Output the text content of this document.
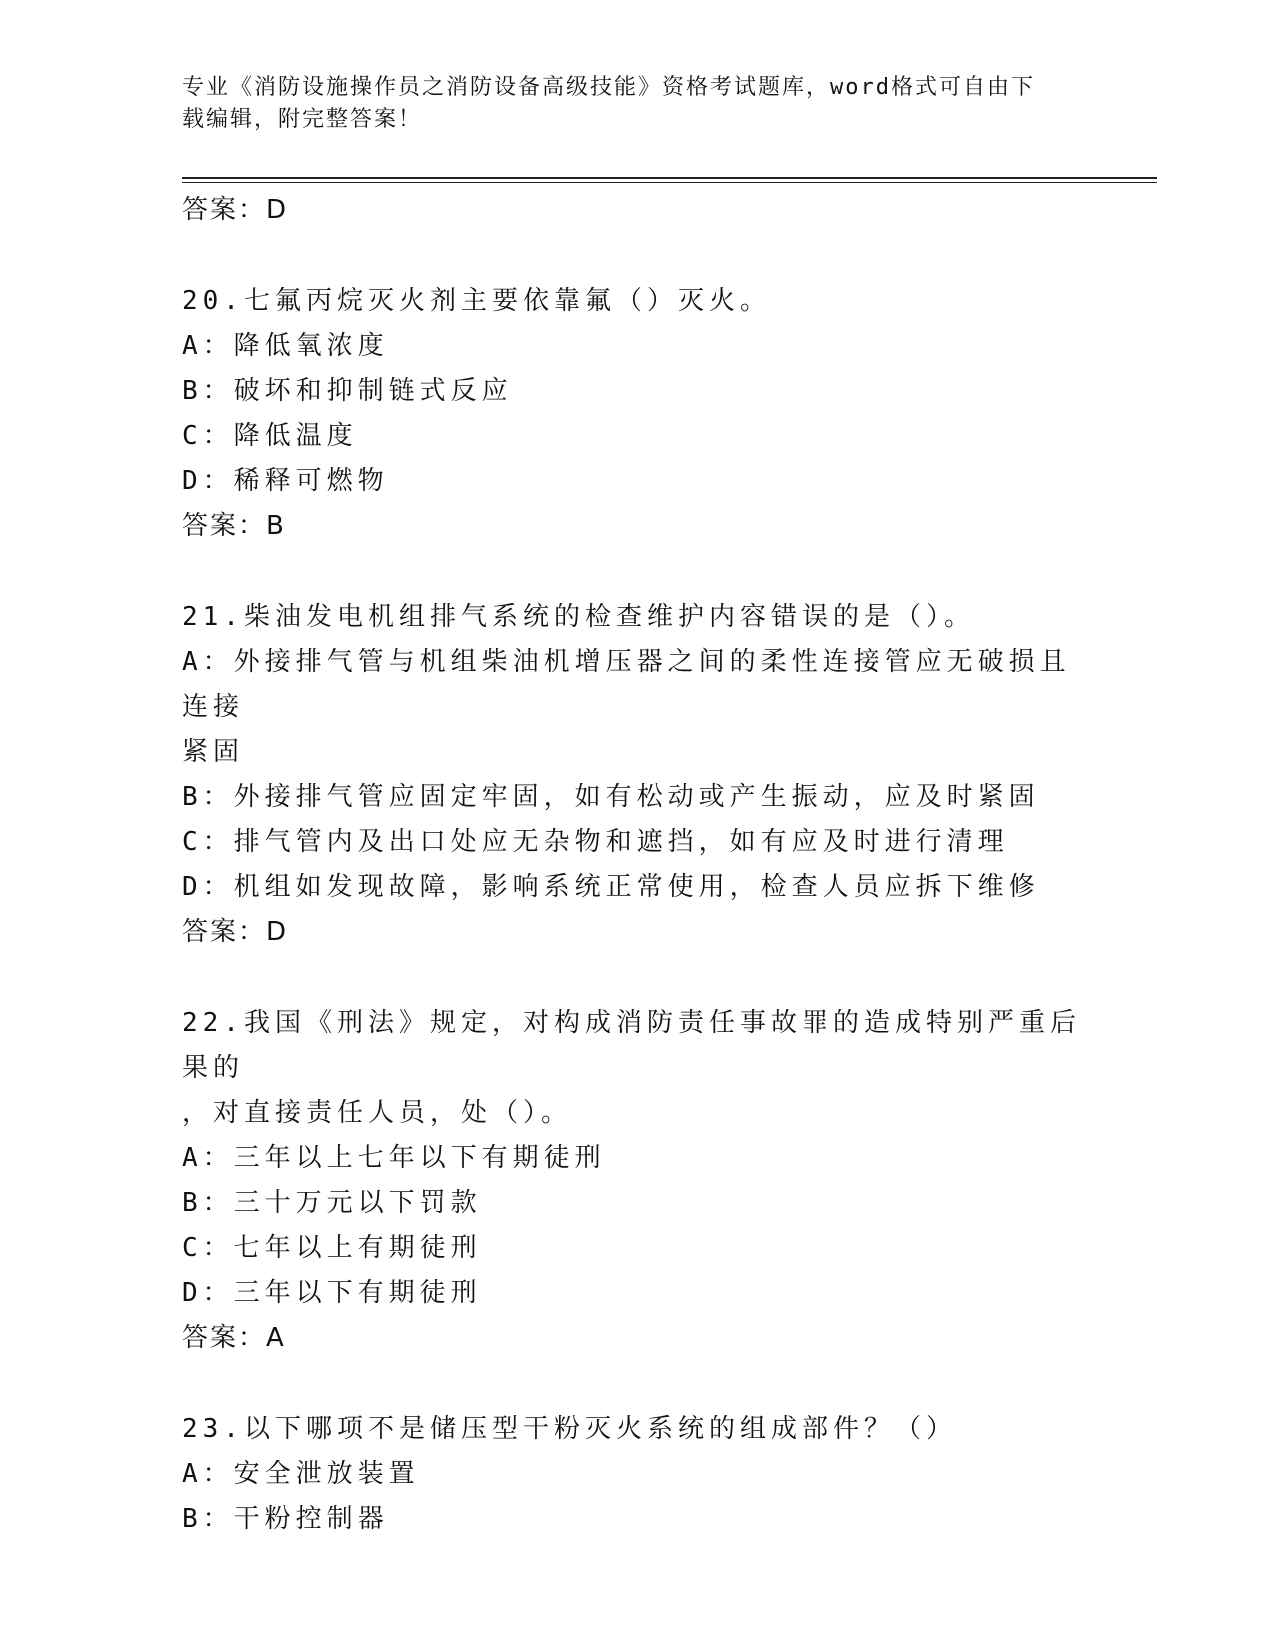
专业《消防设施操作员之消防设备高级技能》资格考试题库，word格式可自由下
载编辑，附完整答案！
答案：D
20.七氟丙烷灭火剂主要依靠氟（）灭火。
A：降低氧浓度
B：破坏和抑制链式反应
C：降低温度
D：稀释可燃物
答案：B
21.柴油发电机组排气系统的检查维护内容错误的是（）。
A：外接排气管与机组柴油机增压器之间的柔性连接管应无破损且连接
紧固
B：外接排气管应固定牢固，如有松动或产生振动，应及时紧固
C：排气管内及出口处应无杂物和遮挡，如有应及时进行清理
D：机组如发现故障，影响系统正常使用，检查人员应拆下维修
答案：D
22.我国《刑法》规定，对构成消防责任事故罪的造成特别严重后果的
，对直接责任人员，处（）。
A：三年以上七年以下有期徒刑
B：三十万元以下罚款
C：七年以上有期徒刑
D：三年以下有期徒刑
答案：A
23.以下哪项不是储压型干粉灭火系统的组成部件？（）
A：安全泄放装置
B：干粉控制器
